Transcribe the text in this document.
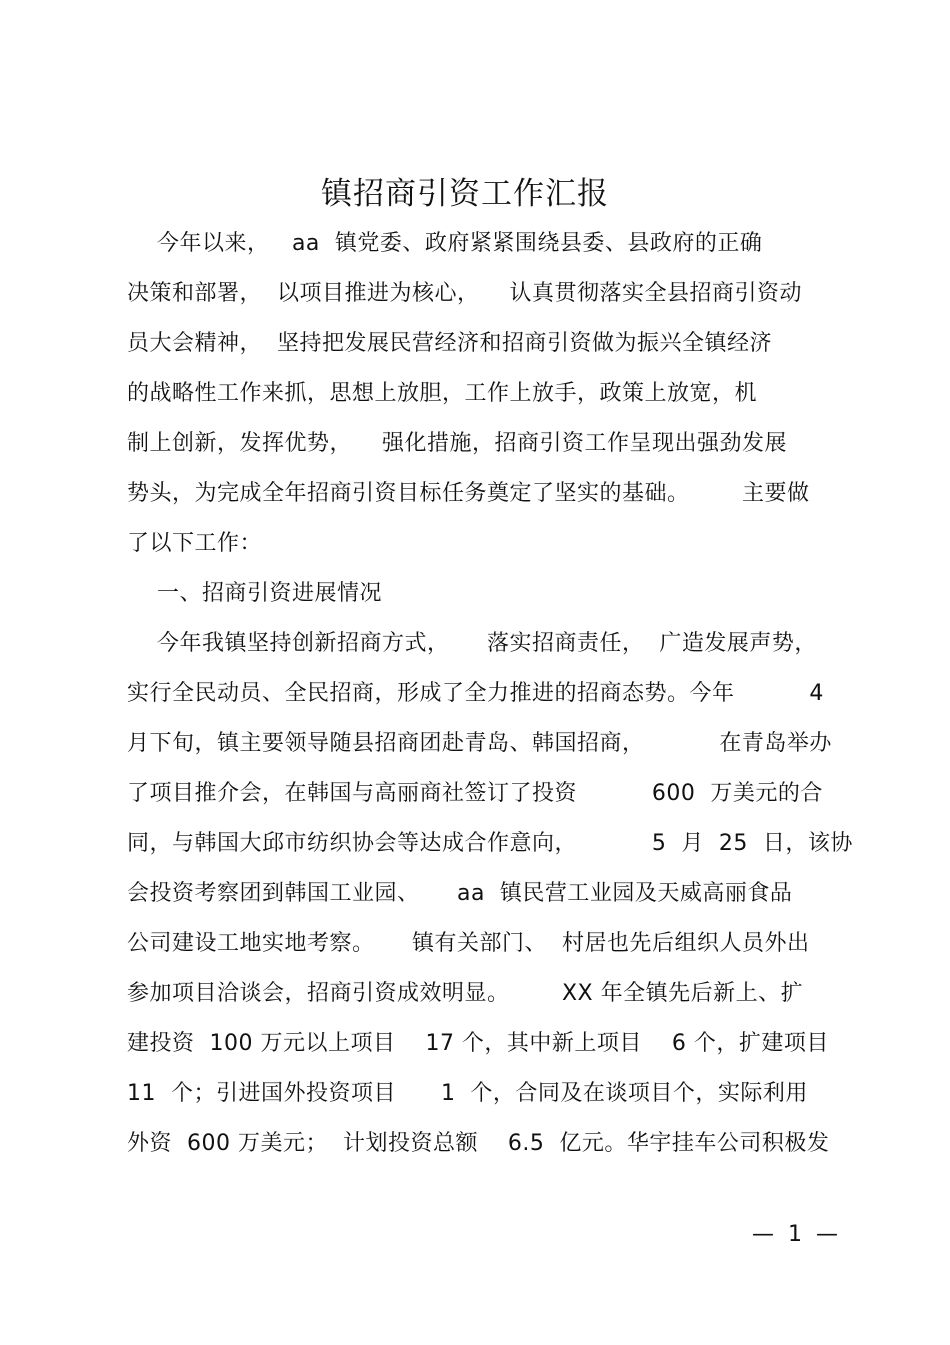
镇招商引资工作汇报
今年以来，   aa  镇党委、政府紧紧围绕县委、县政府的正确
决策和部署，  以项目推进为核心，    认真贯彻落实全县招商引资动
员大会精神，  坚持把发展民营经济和招商引资做为振兴全镇经济
的战略性工作来抓，思想上放胆，工作上放手，政策上放宽，机
制上创新，发挥优势，    强化措施，招商引资工作呈现出强劲发展
势头，为完成全年招商引资目标任务奠定了坚实的基础。       主要做
了以下工作：
一、招商引资进展情况
今年我镇坚持创新招商方式，     落实招商责任，  广造发展声势，
实行全民动员、全民招商，形成了全力推进的招商态势。今年          4
月下旬，镇主要领导随县招商团赴青岛、韩国招商，          在青岛举办
了项目推介会，在韩国与高丽商社签订了投资          600  万美元的合
同，与韩国大邱市纺织协会等达成合作意向，          5  月  25  日，该协
会投资考察团到韩国工业园、     aa  镇民营工业园及天威高丽食品
公司建设工地实地考察。     镇有关部门、  村居也先后组织人员外出
参加项目洽谈会，招商引资成效明显。       XX 年全镇先后新上、扩
建投资  100 万元以上项目    17 个，其中新上项目    6 个，扩建项目
11  个；引进国外投资项目      1  个，合同及在谈项目个，实际利用
外资  600 万美元；  计划投资总额    6.5  亿元。华宇挂车公司积极发
—  1  —
